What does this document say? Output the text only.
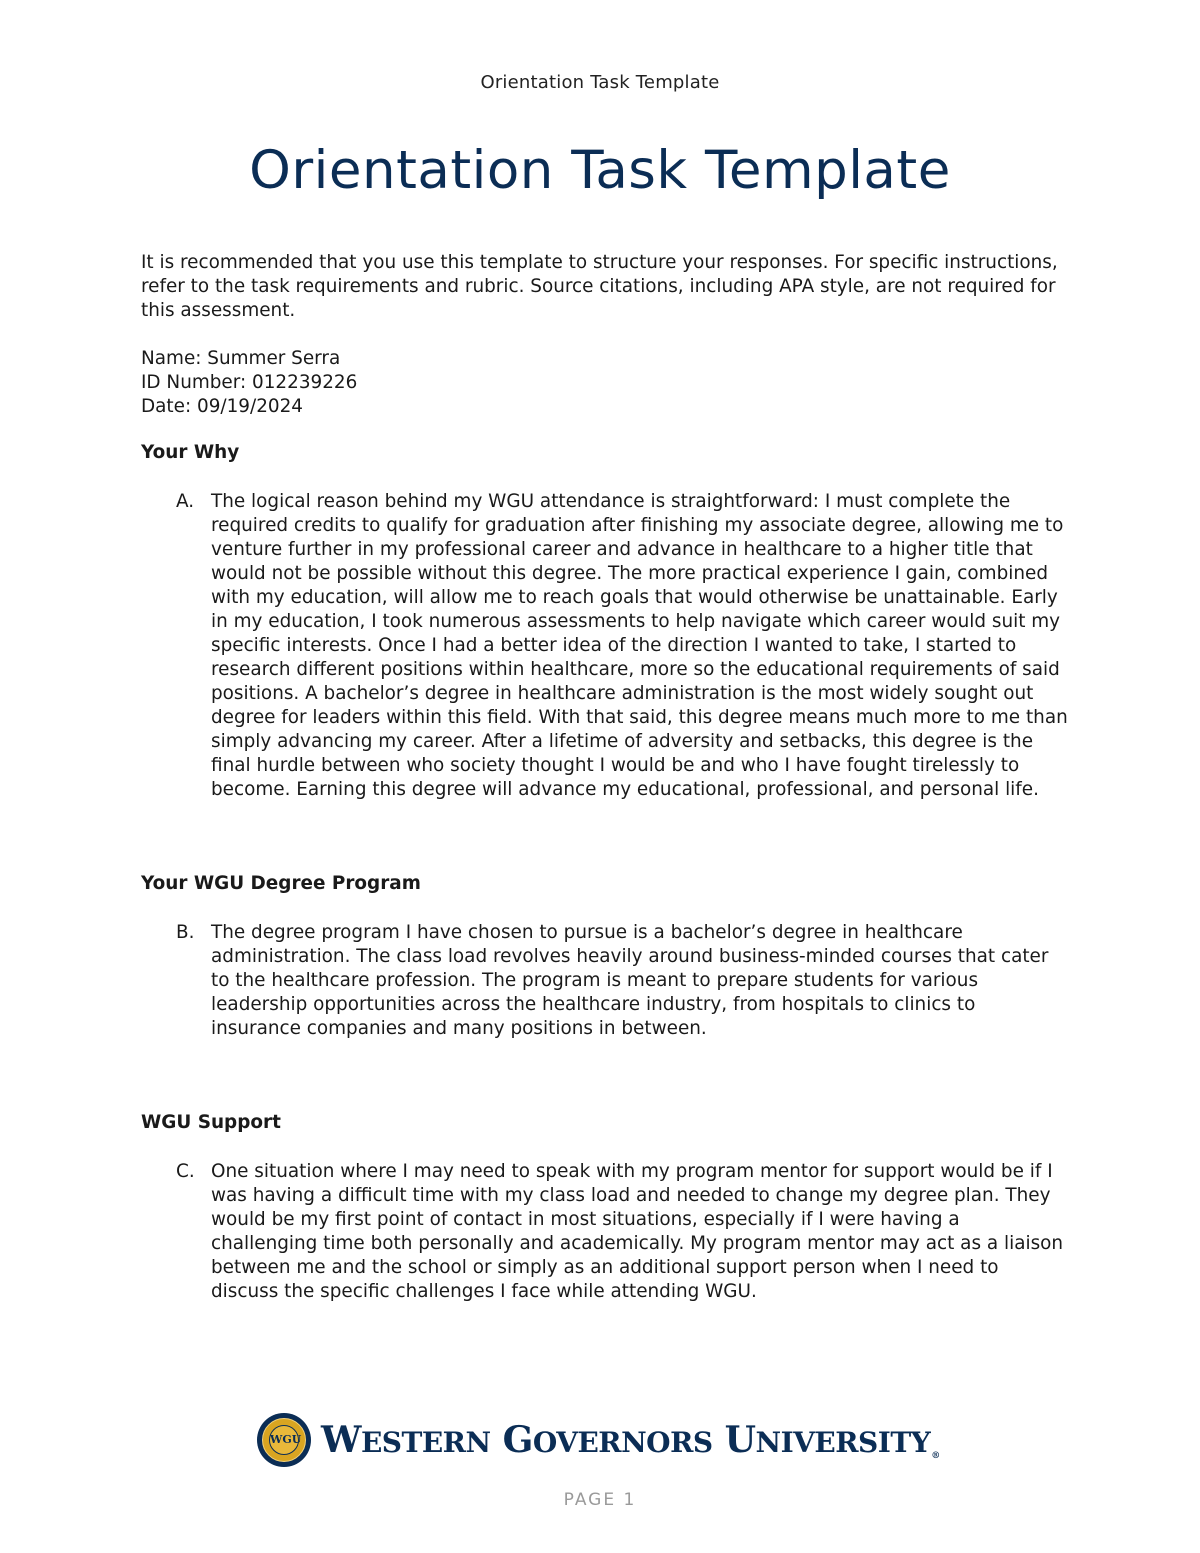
Orientation Task Template
Orientation Task Template

It is recommended that you use this template to structure your responses. For specific instructions, refer to the task requirements and rubric. Source citations, including APA style, are not required for this assessment.

Name: Summer Serra
ID Number: 012239226
Date: 09/19/2024
Your Why
A. The logical reason behind my WGU attendance is straightforward: I must complete the required credits to qualify for graduation after finishing my associate degree, allowing me to venture further in my professional career and advance in healthcare to a higher title that would not be possible without this degree. The more practical experience I gain, combined with my education, will allow me to reach goals that would otherwise be unattainable. Early in my education, I took numerous assessments to help navigate which career would suit my specific interests. Once I had a better idea of the direction I wanted to take, I started to research different positions within healthcare, more so the educational requirements of said positions. A bachelor’s degree in healthcare administration is the most widely sought out degree for leaders within this field. With that said, this degree means much more to me than simply advancing my career. After a lifetime of adversity and setbacks, this degree is the final hurdle between who society thought I would be and who I have fought tirelessly to become. Earning this degree will advance my educational, professional, and personal life.
Your WGU Degree Program
B. The degree program I have chosen to pursue is a bachelor’s degree in healthcare administration. The class load revolves heavily around business-minded courses that cater to the healthcare profession. The program is meant to prepare students for various leadership opportunities across the healthcare industry, from hospitals to clinics to insurance companies and many positions in between.
WGU Support
C. One situation where I may need to speak with my program mentor for support would be if I was having a difficult time with my class load and needed to change my degree plan. They would be my first point of contact in most situations, especially if I were having a challenging time both personally and academically. My program mentor may act as a liaison between me and the school or simply as an additional support person when I need to discuss the specific challenges I face while attending WGU.
WGU WESTERN GOVERNORS UNIVERSITY®
PAGE 1
